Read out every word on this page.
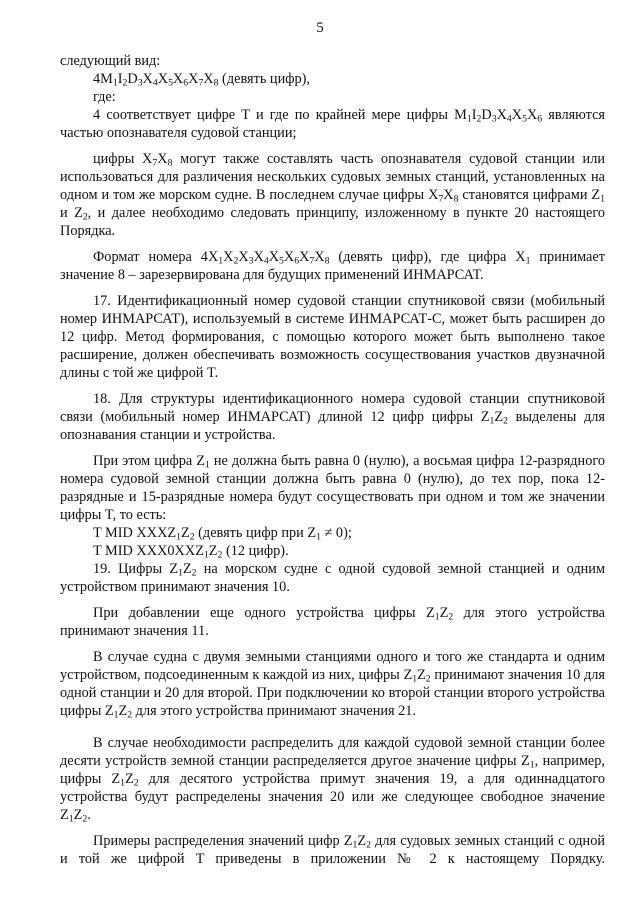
5

следующий вид:

$4M_1I_2D_3X_4X_5X_6X_7X_8$ (девять цифр),

где:

4 соответствует цифре T и где по крайней мере цифры $M_1I_2D_3X_4X_5X_6$ являются частью опознавателя судовой станции;

цифры $X_7X_8$ могут также составлять часть опознавателя судовой станции или использоваться для различения нескольких судовых земных станций, установленных на одном и том же морском судне. В последнем случае цифры $X_7X_8$ становятся цифрами $Z_1$ и $Z_2$, и далее необходимо следовать принципу, изложенному в пункте 20 настоящего Порядка.

Формат номера $4X_1X_2X_3X_4X_5X_6X_7X_8$ (девять цифр), где цифра $X_1$ принимает значение 8 – зарезервирована для будущих применений ИНМАРСАТ.

17. Идентификационный номер судовой станции спутниковой связи (мобильный номер ИНМАРСАТ), используемый в системе ИНМАРСАТ-С, может быть расширен до 12 цифр. Метод формирования, с помощью которого может быть выполнено такое расширение, должен обеспечивать возможность сосуществования участков двузначной длины с той же цифрой T.

18. Для структуры идентификационного номера судовой станции спутниковой связи (мобильный номер ИНМАРСАТ) длиной 12 цифр цифры $Z_1Z_2$ выделены для опознавания станции и устройства.

При этом цифра $Z_1$ не должна быть равна 0 (нулю), а восьмая цифра 12-разрядного номера судовой земной станции должна быть равна 0 (нулю), до тех пор, пока 12-разрядные и 15-разрядные номера будут сосуществовать при одном и том же значении цифры T, то есть:

T MID $XXXZ_1Z_2$ (девять цифр при $Z_1 \ne 0$);

T MID $XXX0XXZ_1Z_2$ (12 цифр).

19. Цифры $Z_1Z_2$ на морском судне с одной судовой земной станцией и одним устройством принимают значения 10.

При добавлении еще одного устройства цифры $Z_1Z_2$ для этого устройства принимают значения 11.

В случае судна с двумя земными станциями одного и того же стандарта и одним устройством, подсоединенным к каждой из них, цифры $Z_1Z_2$ принимают значения 10 для одной станции и 20 для второй. При подключении ко второй станции второго устройства цифры $Z_1Z_2$ для этого устройства принимают значения 21.

В случае необходимости распределить для каждой судовой земной станции более десяти устройств земной станции распределяется другое значение цифры $Z_1$, например, цифры $Z_1Z_2$ для десятого устройства примут значения 19, а для одиннадцатого устройства будут распределены значения 20 или же следующее свободное значение $Z_1Z_2$.

Примеры распределения значений цифр $Z_1Z_2$ для судовых земных станций с одной и той же цифрой T приведены в приложении № 2 к настоящему Порядку.
